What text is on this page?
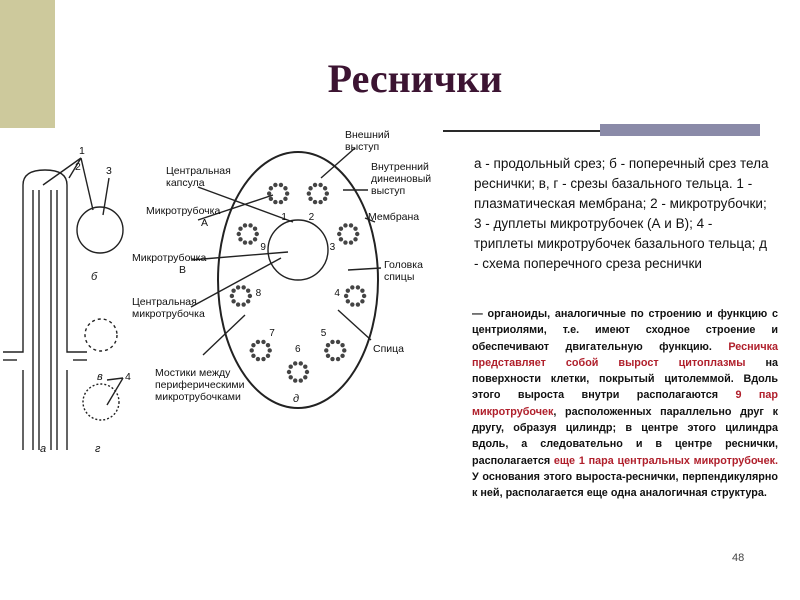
Реснички
1
2 3
4
Центральная
капсула
Микротрубочка
А
Микротрубочка
В
Центральная
микротрубочка
Мостики между
периферическими
микротрубочками
Внешний
выступ
Внутренний
динеиновый
выступ
Мембрана
Головка
спицы
Спица
а
б
в
г
д
1 2
3
4
5
6
7
8
9
а - продольный срез; б - поперечный срез тела реснички; в, г - срезы базального тельца. 1 - плазматическая мембрана; 2 - микротрубочки; 3 - дуплеты микротрубочек (А и В); 4 - триплеты микротрубочек базального тельца; д - схема поперечного среза реснички
— органоиды, аналогичные по строению и функцию с центриолями, т.е. имеют сходное строение и обеспечивают двигательную функцию. Ресничка представляет собой вырост цитоплазмы на поверхности клетки, покрытый цитолеммой. Вдоль этого выроста внутри располагаются 9 пар микротрубочек, расположенных параллельно друг к другу, образуя цилиндр; в центре этого цилиндра вдоль, а следовательно и в центре реснички, располагается еще 1 пара центральных микротрубочек. У основания этого выроста-реснички, перпендикулярно к ней, располагается еще одна аналогичная структура.
48
